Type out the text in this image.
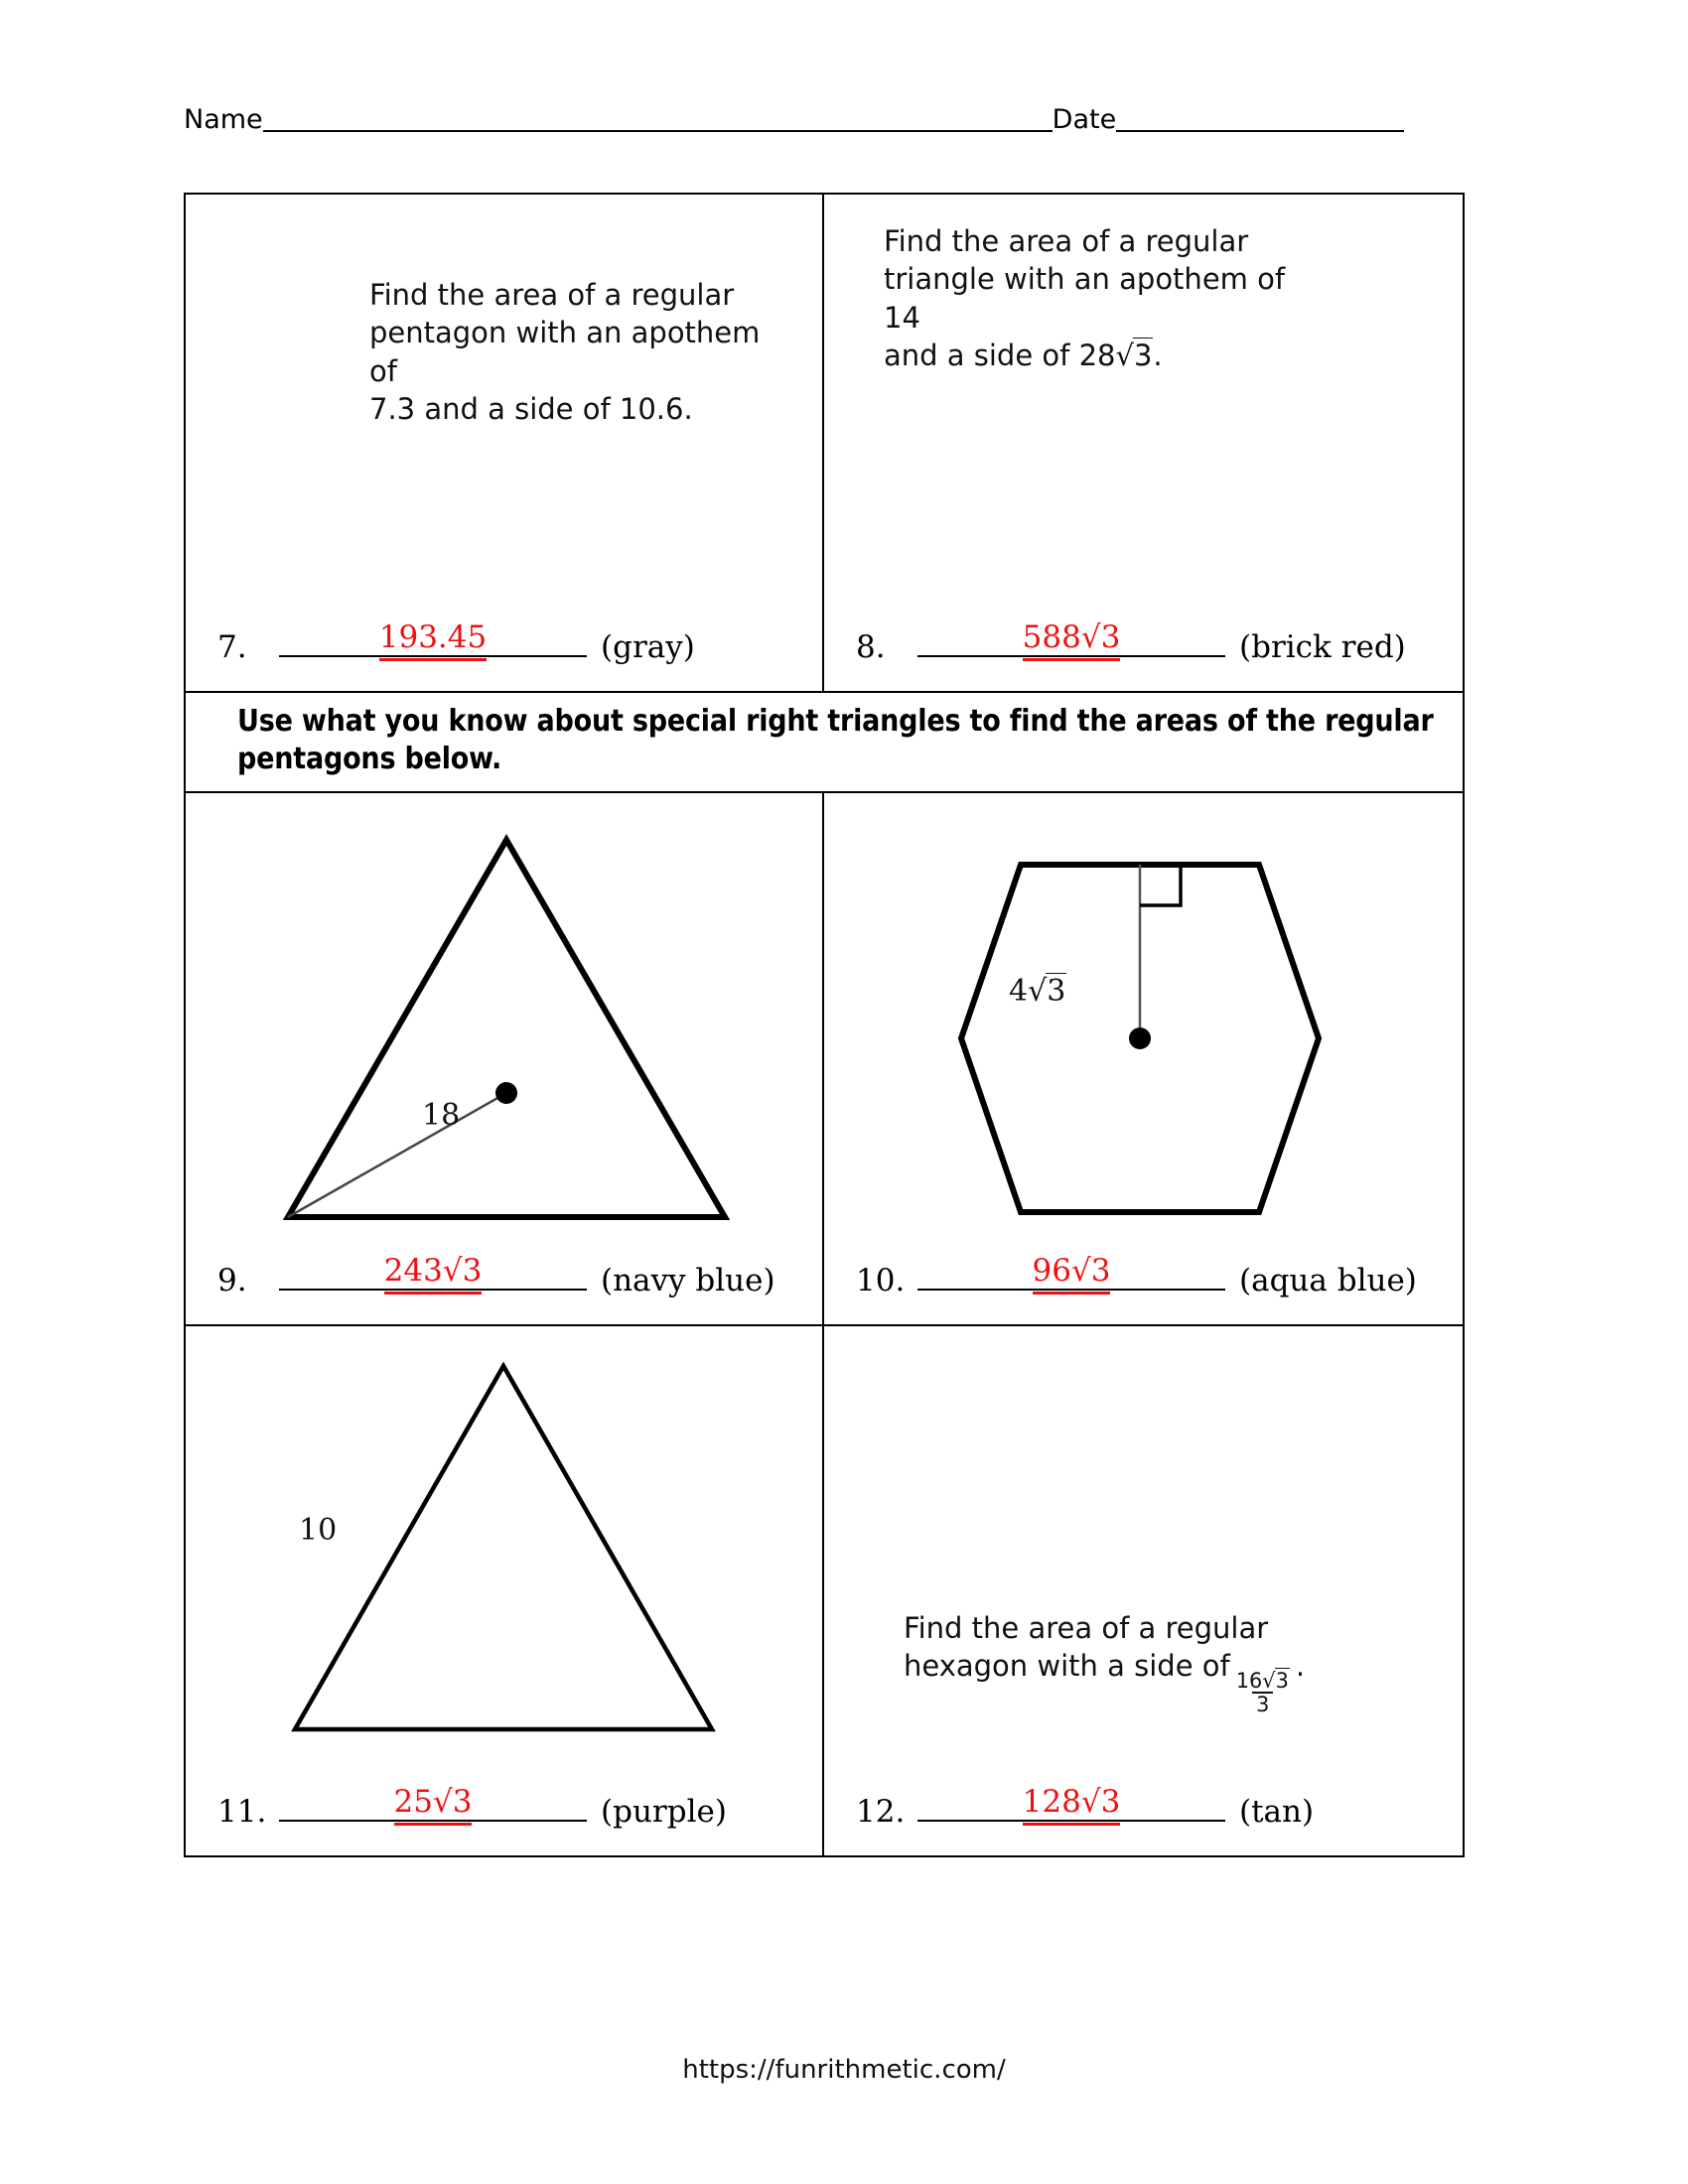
Name	Date
Find the area of a regular
pentagon with an apothem of
7.3 and a side of 10.6.
7.	193.45	(gray)
Find the area of a regular
triangle with an apothem of 14
and a side of 28√3.
8.	588√3	(brick red)
Use what you know about special right triangles to find the areas of the regular pentagons below.
18
9.	243√3	(navy blue)
4√3
10.	96√3	(aqua blue)
10
11.	25√3	(purple)
Find the area of a regular
hexagon with a side of
$\frac{16√3}{3}$
.
12.	128√3	(tan)
https://funrithmetic.com/
